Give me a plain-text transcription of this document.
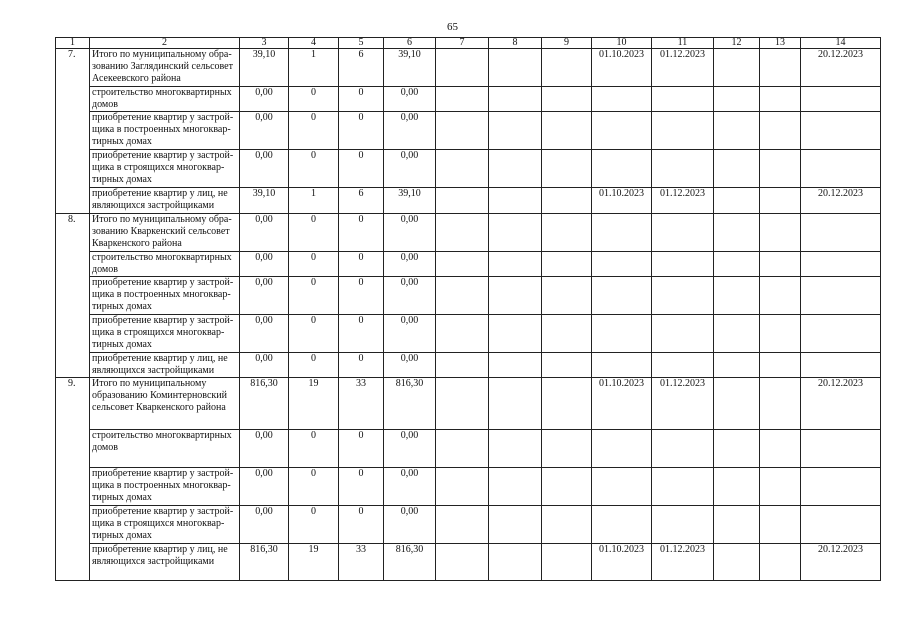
65
1	2	3	4	5	6	7	8	9	10	11	12	13	14
7.	Итого по муниципальному обра-зованию Заглядинский сельсовет Асекеевского района	39,10	1	6	39,10				01.10.2023	01.12.2023			20.12.2023
	строительство многоквартирных домов	0,00	0	0	0,00								
	приобретение квартир у застрой-щика в построенных многоквар-тирных домах	0,00	0	0	0,00								
	приобретение квартир у застрой-щика в строящихся многоквар-тирных домах	0,00	0	0	0,00								
	приобретение квартир у лиц, не являющихся застройщиками	39,10	1	6	39,10				01.10.2023	01.12.2023			20.12.2023
8.	Итого по муниципальному обра-зованию Кваркенский сельсовет Кваркенского района	0,00	0	0	0,00								
	строительство многоквартирных домов	0,00	0	0	0,00								
	приобретение квартир у застрой-щика в построенных многоквар-тирных домах	0,00	0	0	0,00								
	приобретение квартир у застрой-щика в строящихся многоквар-тирных домах	0,00	0	0	0,00								
	приобретение квартир у лиц, не являющихся застройщиками	0,00	0	0	0,00								
9.	Итого по муниципальному образованию Коминтерновский сельсовет Кваркенского района	816,30	19	33	816,30				01.10.2023	01.12.2023			20.12.2023
	строительство многоквартирных домов	0,00	0	0	0,00								
	приобретение квартир у застрой-щика в построенных многоквар-тирных домах	0,00	0	0	0,00								
	приобретение квартир у застрой-щика в строящихся многоквар-тирных домах	0,00	0	0	0,00								
	приобретение квартир у лиц, не являющихся застройщиками	816,30	19	33	816,30				01.10.2023	01.12.2023			20.12.2023
